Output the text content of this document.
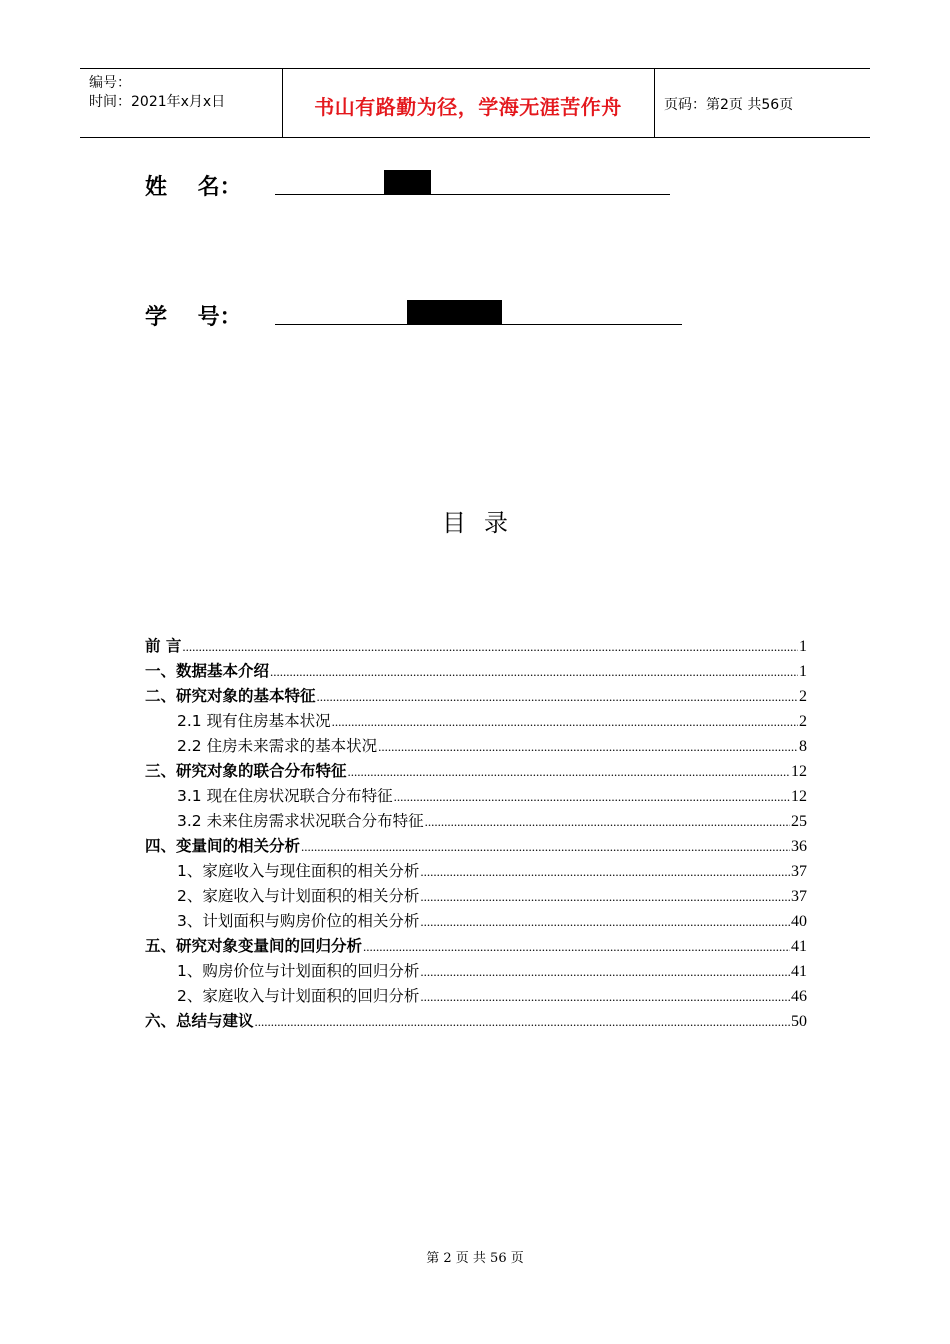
编号：
时间：2021年x月x日	书山有路勤为径，学海无涯苦作舟	页码：第2页 共56页
姓    名：
学    号：
目录
前 言 .....	1
一、数据基本介绍 .....	1
二、研究对象的基本特征 .....	2
2.1 现有住房基本状况 .....	2
2.2 住房未来需求的基本状况 .....	8
三、研究对象的联合分布特征 .....	12
3.1 现在住房状况联合分布特征 .....	12
3.2 未来住房需求状况联合分布特征 .....	25
四、变量间的相关分析 .....	36
1、家庭收入与现住面积的相关分析 .....	37
2、家庭收入与计划面积的相关分析 .....	37
3、计划面积与购房价位的相关分析 .....	40
五、研究对象变量间的回归分析 .....	41
1、购房价位与计划面积的回归分析 .....	41
2、家庭收入与计划面积的回归分析 .....	46
六、总结与建议 .....	50
第 2 页 共 56 页
